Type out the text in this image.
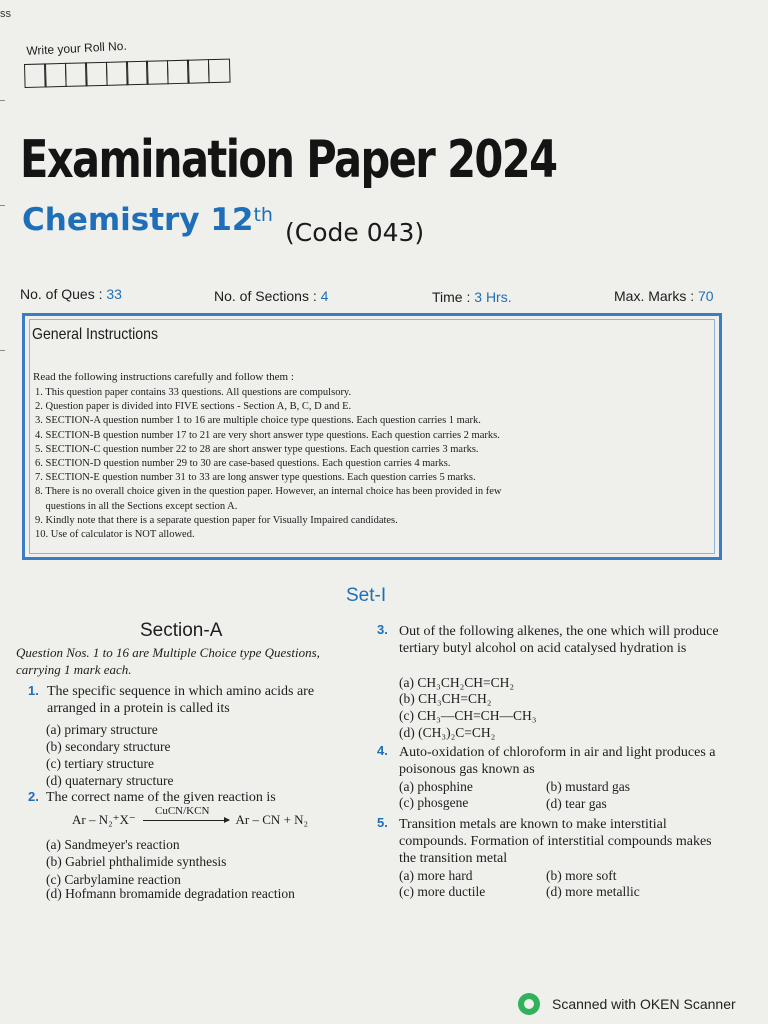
ss
Write your Roll No.
Examination Paper 2024
Chemistry 12th
(Code 043)
No. of Ques : 33	No. of Sections : 4	Time : 3 Hrs.	Max. Marks : 70
General Instructions
Read the following instructions carefully and follow them :
1. This question paper contains 33 questions. All questions are compulsory.
2. Question paper is divided into FIVE sections - Section A, B, C, D and E.
3. SECTION-A question number 1 to 16 are multiple choice type questions. Each question carries 1 mark.
4. SECTION-B question number 17 to 21 are very short answer type questions. Each question carries 2 marks.
5. SECTION-C question number 22 to 28 are short answer type questions. Each question carries 3 marks.
6. SECTION-D question number 29 to 30 are case-based questions. Each question carries 4 marks.
7. SECTION-E question number 31 to 33 are long answer type questions. Each question carries 5 marks.
8. There is no overall choice given in the question paper. However, an internal choice has been provided in few
questions in all the Sections except section A.
9. Kindly note that there is a separate question paper for Visually Impaired candidates.
10. Use of calculator is NOT allowed.
Set-I
Section-A
Question Nos. 1 to 16 are Multiple Choice type Questions, carrying 1 mark each.
1. The specific sequence in which amino acids are arranged in a protein is called its
(a) primary structure
(b) secondary structure
(c) tertiary structure
(d) quaternary structure
2. The correct name of the given reaction is
Ar – N₂⁺X⁻
CuCN/KCN
Ar – CN + N₂
(a) Sandmeyer's reaction
(b) Gabriel phthalimide synthesis
(c) Carbylamine reaction
(d) Hofmann bromamide degradation reaction
3. Out of the following alkenes, the one which will produce tertiary butyl alcohol on acid catalysed hydration is
(a) CH₃CH₂CH=CH₂
(b) CH₃CH=CH₂
(c) CH₃—CH=CH—CH₃
(d) (CH₃)₂C=CH₂
4. Auto-oxidation of chloroform in air and light produces a poisonous gas known as
(a) phosphine	(b) mustard gas
(c) phosgene	(d) tear gas
5. Transition metals are known to make interstitial compounds. Formation of interstitial compounds makes the transition metal
(a) more hard	(b) more soft
(c) more ductile	(d) more metallic
Scanned with OKEN Scanner
